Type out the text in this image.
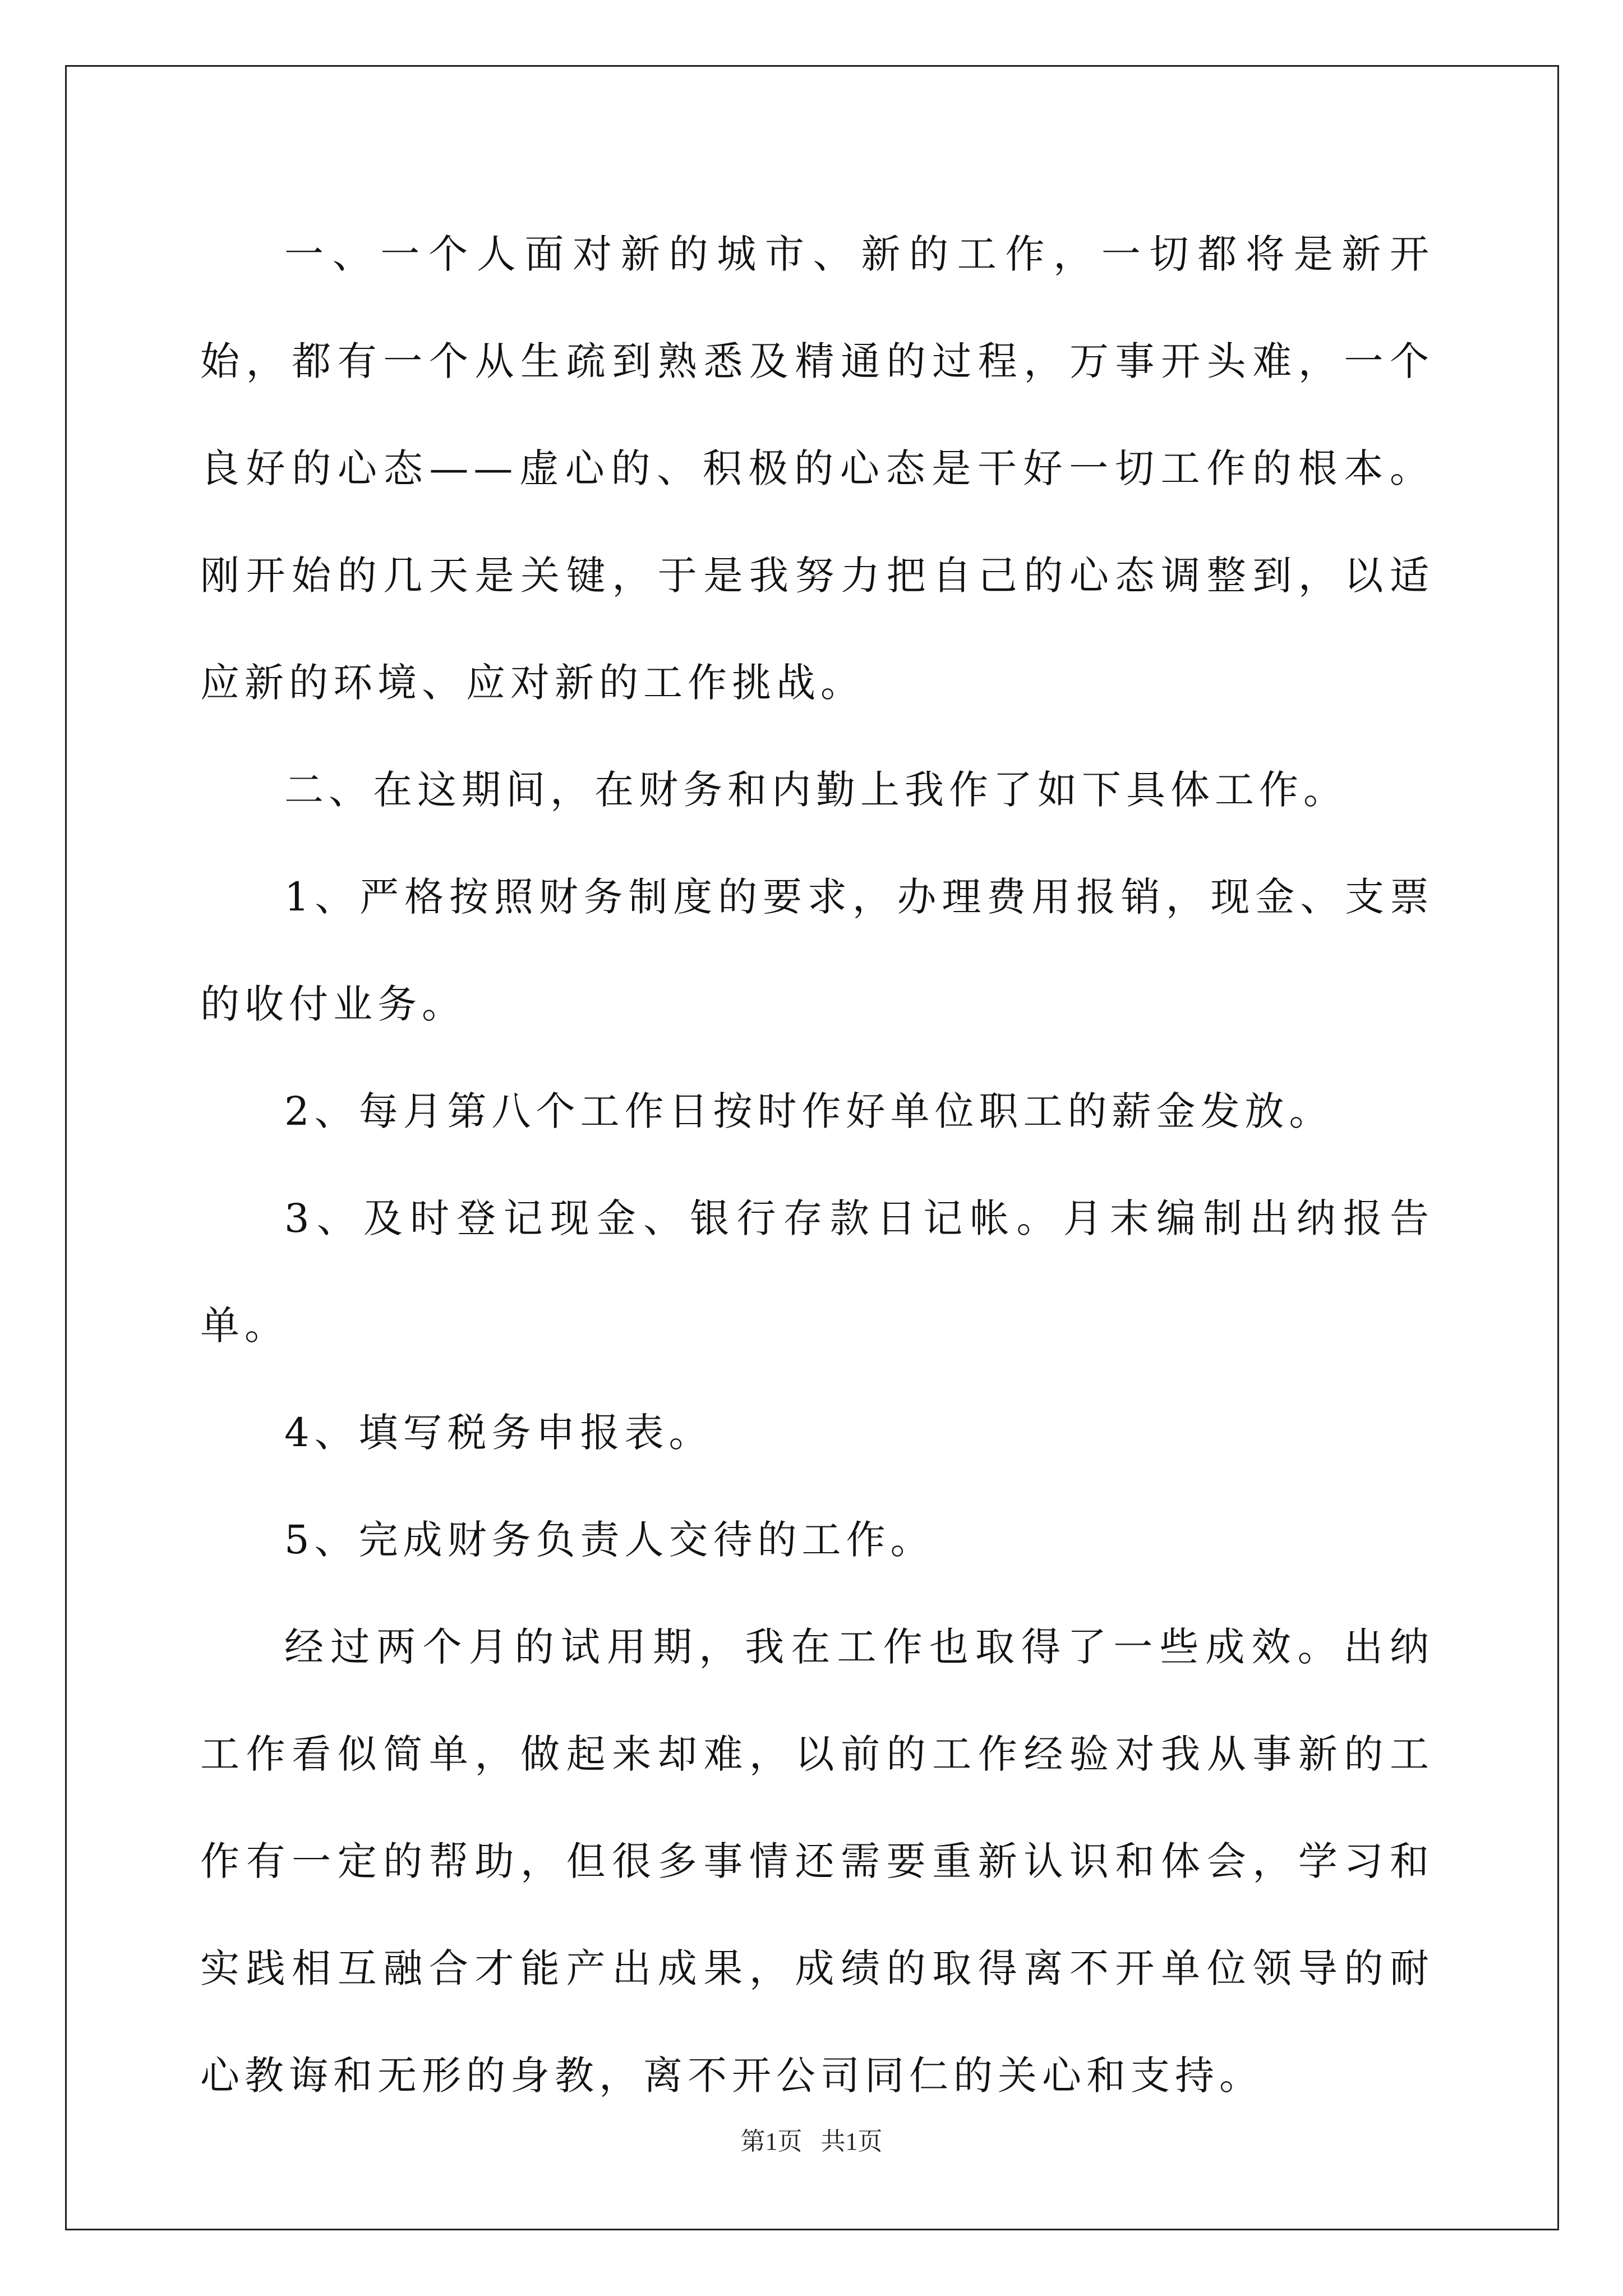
一、一个人面对新的城市、新的工作，一切都将是新开始，都有一个从生疏到熟悉及精通的过程，万事开头难，一个良好的心态——虚心的、积极的心态是干好一切工作的根本。刚开始的几天是关键，于是我努力把自己的心态调整到，以适应新的环境、应对新的工作挑战。

二、在这期间，在财务和内勤上我作了如下具体工作。

1、严格按照财务制度的要求，办理费用报销，现金、支票的收付业务。

2、每月第八个工作日按时作好单位职工的薪金发放。

3、及时登记现金、银行存款日记帐。月末编制出纳报告单。

4、填写税务申报表。

5、完成财务负责人交待的工作。

经过两个月的试用期，我在工作也取得了一些成效。出纳工作看似简单，做起来却难，以前的工作经验对我从事新的工作有一定的帮助，但很多事情还需要重新认识和体会，学习和实践相互融合才能产出成果，成绩的取得离不开单位领导的耐心教诲和无形的身教，离不开公司同仁的关心和支持。

第1页   共1页
